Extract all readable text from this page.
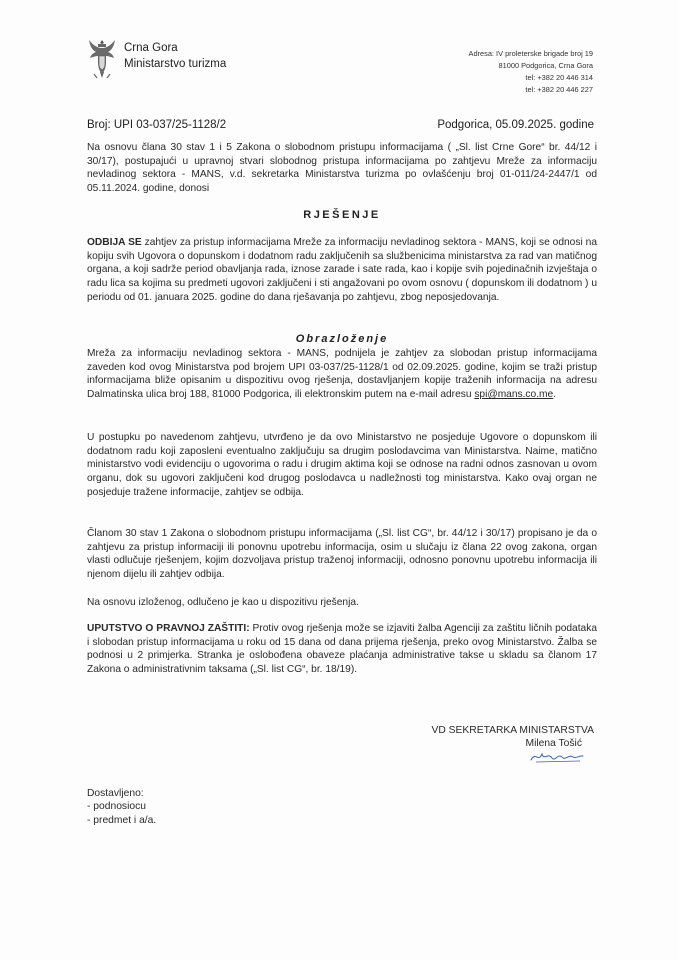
Crna Gora
Ministarstvo turizma
Adresa: IV proleterske brigade broj 19
81000 Podgorica, Crna Gora
tel: +382 20 446 314
tel: +382 20 446 227
Broj: UPI 03-037/25-1128/2	Podgorica, 05.09.2025. godine
Na osnovu člana 30 stav 1 i 5 Zakona o slobodnom pristupu informacijama ( „Sl. list Crne Gore“ br. 44/12 i 30/17), postupajući u upravnoj stvari slobodnog pristupa informacijama po zahtjevu Mreže za informaciju nevladinog sektora - MANS, v.d. sekretarka Ministarstva turizma po ovlašćenju broj 01-011/24-2447/1 od 05.11.2024. godine, donosi
RJEŠENJE
ODBIJA SE zahtjev za pristup informacijama Mreže za informaciju nevladinog sektora - MANS, koji se odnosi na kopiju svih Ugovora o dopunskom i dodatnom radu zaključenih sa službenicima ministarstva za rad van matičnog organa, a koji sadrže period obavljanja rada, iznose zarade i sate rada, kao i kopije svih pojedinačnih izvještaja o radu lica sa kojima su predmeti ugovori zaključeni i sti angažovani po ovom osnovu ( dopunskom ili dodatnom ) u periodu od 01. januara 2025. godine do dana rješavanja po zahtjevu, zbog neposjedovanja.
Obrazloženje
Mreža za informaciju nevladinog sektora - MANS, podnijela je zahtjev za slobodan pristup informacijama zaveden kod ovog Ministarstva pod brojem UPI 03-037/25-1128/1 od 02.09.2025. godine, kojim se traži pristup informacijama bliže opisanim u dispozitivu ovog rješenja, dostavljanjem kopije traženih informacija na adresu Dalmatinska ulica broj 188, 81000 Podgorica, ili elektronskim putem na e-mail adresu spi@mans.co.me.
U postupku po navedenom zahtjevu, utvrđeno je da ovo Ministarstvo ne posjeduje Ugovore o dopunskom ili dodatnom radu koji zaposleni eventualno zaključuju sa drugim poslodavcima van Ministarstva. Naime, matično ministarstvo vodi evidenciju o ugovorima o radu i drugim aktima koji se odnose na radni odnos zasnovan u ovom organu, dok su ugovori zaključeni kod drugog poslodavca u nadležnosti tog ministarstva. Kako ovaj organ ne posjeduje tražene informacije, zahtjev se odbija.
Članom 30 stav 1 Zakona o slobodnom pristupu informacijama („Sl. list CG“, br. 44/12 i 30/17) propisano je da o zahtjevu za pristup informaciji ili ponovnu upotrebu informacija, osim u slučaju iz člana 22 ovog zakona, organ vlasti odlučuje rješenjem, kojim dozvoljava pristup traženoj informaciji, odnosno ponovnu upotrebu informacija ili njenom dijelu ili zahtjev odbija.
Na osnovu izloženog, odlučeno je kao u dispozitivu rješenja.
UPUTSTVO O PRAVNOJ ZAŠTITI: Protiv ovog rješenja može se izjaviti žalba Agenciji za zaštitu ličnih podataka i slobodan pristup informacijama u roku od 15 dana od dana prijema rješenja, preko ovog Ministarstvo. Žalba se podnosi u 2 primjerka. Stranka je oslobođena obaveze plaćanja administrative takse u skladu sa članom 17 Zakona o administrativnim taksama („Sl. list CG“, br. 18/19).
VD SEKRETARKA MINISTARSTVA
Milena Tošić
Dostavljeno:
- podnosiocu
- predmet i a/a.
